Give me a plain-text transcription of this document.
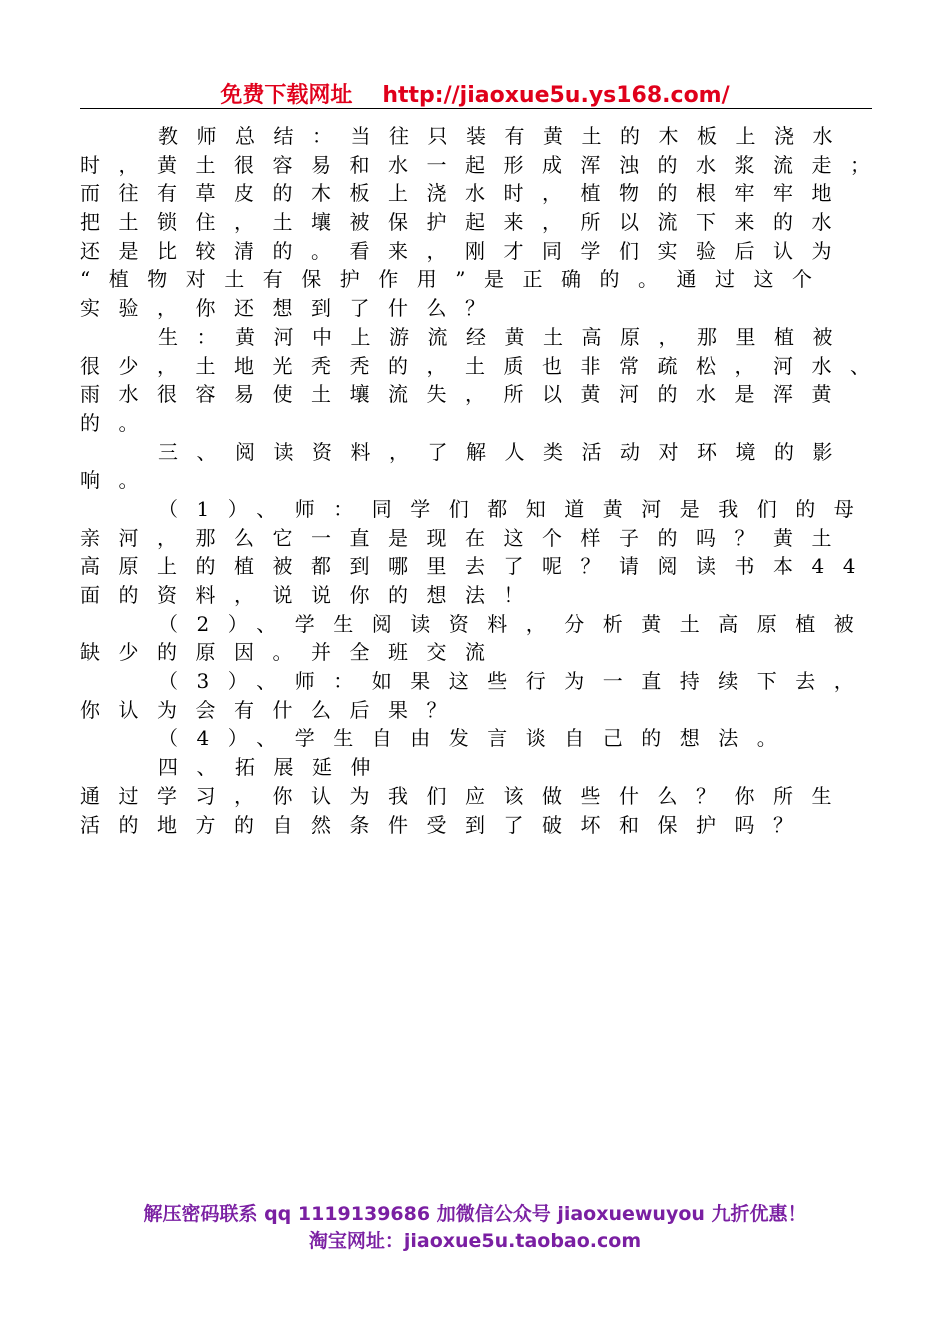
免费下载网址 http://jiaoxue5u.ys168.com/
教师总结：当往只装有黄土的木板上浇水
时，黄土很容易和水一起形成浑浊的水浆流走；
而往有草皮的木板上浇水时，植物的根牢牢地
把土锁住，土壤被保护起来，所以流下来的水
还是比较清的。看来，刚才同学们实验后认为
“植物对土有保护作用”是正确的。通过这个
实验，你还想到了什么？
生：黄河中上游流经黄土高原，那里植被
很少，土地光秃秃的，土质也非常疏松，河水、
雨水很容易使土壤流失，所以黄河的水是浑黄
的。
三、阅读资料，了解人类活动对环境的影
响。
（1）、师：同学们都知道黄河是我们的母
亲河，那么它一直是现在这个样子的吗？黄土
高原上的植被都到哪里去了呢？请阅读书本44
面的资料，说说你的想法！
（2）、学生阅读资料，分析黄土高原植被
缺少的原因。并全班交流
（3）、师：如果这些行为一直持续下去，
你认为会有什么后果？
（4）、学生自由发言谈自己的想法。
四、拓展延伸
通过学习，你认为我们应该做些什么？你所生
活的地方的自然条件受到了破坏和保护吗？
解压密码联系 qq 1119139686 加微信公众号 jiaoxuewuyou 九折优惠！
淘宝网址：jiaoxue5u.taobao.com
